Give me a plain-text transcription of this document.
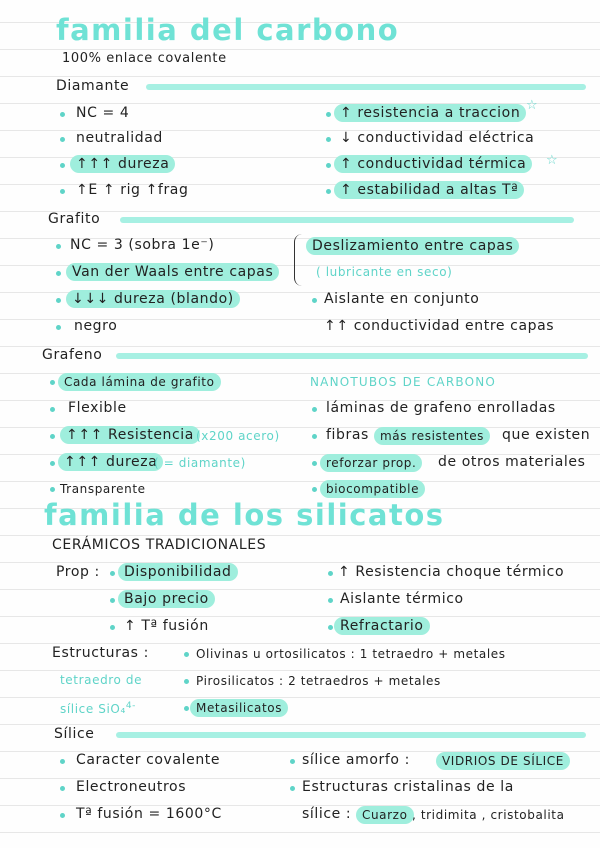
familia del carbono
100% enlace covalente
Diamante
NC = 4
neutralidad
↑↑↑ dureza
↑E ↑ rig ↑frag
↑ resistencia a traccion ☆
↓ conductividad eléctrica
↑ conductividad térmica	☆
↑ estabilidad a altas Tª
Grafito
NC = 3 (sobra 1e⁻)
Van der Waals entre capas
↓↓↓ dureza (blando)
negro
Deslizamiento entre capas
( lubricante en seco)
Aislante en conjunto
↑↑ conductividad entre capas
Grafeno
Cada lámina de grafito
Flexible
↑↑↑ Resistencia (x200 acero)
↑↑↑ dureza
( = diamante)
Transparente
NANOTUBOS DE CARBONO
láminas de grafeno enrolladas
fibras más resistentes	que existen
reforzar prop.	de otros materiales
biocompatible
familia de los silicatos
CERÁMICOS TRADICIONALES
Prop :	Disponibilidad
Bajo precio
↑ Tª fusión
↑ Resistencia choque térmico
Aislante térmico
Refractario
Estructuras :	Olivinas u ortosilicatos : 1 tetraedro + metales
tetraedro de	Pirosilicatos : 2 tetraedros + metales
sílice SiO₄$^{4-}$	Metasilicatos
Sílice
Caracter covalente
Electroneutros
Tª fusión = 1600°C
sílice amorfo :	VIDRIOS DE SÍLICE
Estructuras cristalinas de la
sílice : Cuarzo , tridimita , cristobalita
